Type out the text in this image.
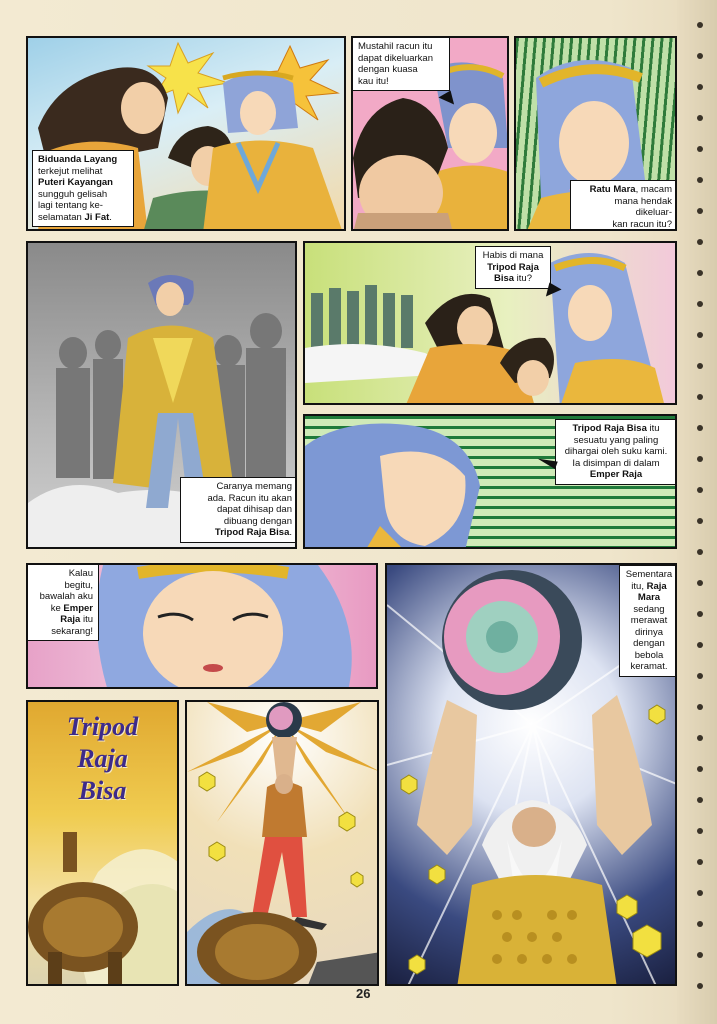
Biduanda Layang
terkejut melihat
Puteri Kayangan
sungguh gelisah
lagi tentang ke-
selamatan Ji Fat.
Mustahil racun itu
dapat dikeluarkan
dengan kuasa
kau itu!
Ratu Mara, macam
mana hendak dikeluar-
kan racun itu?
Habis di mana
Tripod Raja
Bisa itu?
Caranya memang
ada. Racun itu akan
dapat dihisap dan
dibuang dengan
Tripod Raja Bisa.
Tripod Raja Bisa itu
sesuatu yang paling
dihargai oleh suku kami.
Ia disimpan di dalam
Emper Raja
Kalau
begitu,
bawalah aku
ke Emper
Raja itu
sekarang!
Sementara
itu, Raja
Mara
sedang
merawat
dirinya
dengan
bebola
keramat.
Tripod
Raja
Bisa
26
